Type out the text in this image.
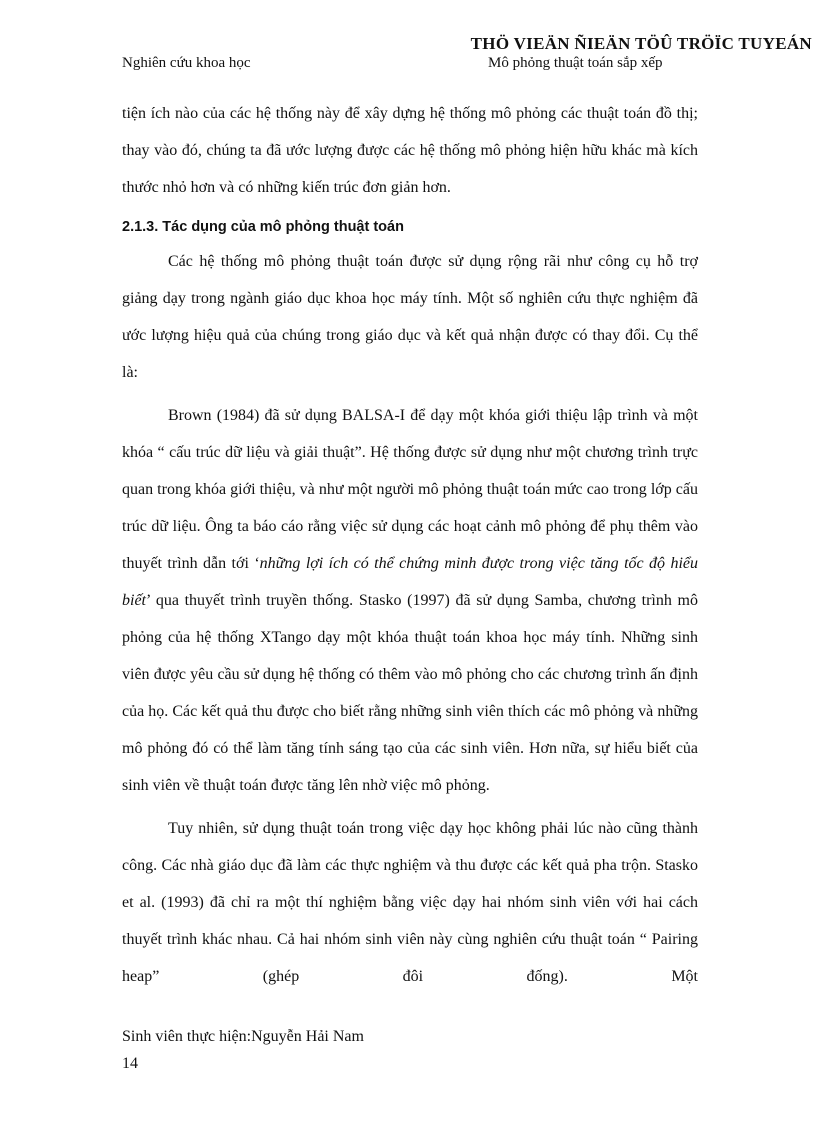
THÖ VIEÄN ÑIEÄN TÖÛ TRÖÏC TUYEÁN
Nghiên cứu khoa học	Mô phỏng thuật toán sắp xếp

tiện ích nào của các hệ thống này để xây dựng hệ thống mô phỏng các thuật toán đồ thị; thay vào đó, chúng ta đã ước lượng được các hệ thống mô phỏng hiện hữu khác mà kích thước nhỏ hơn và có những kiến trúc đơn giản hơn.

2.1.3. Tác dụng của mô phỏng thuật toán

Các hệ thống mô phỏng thuật toán được sử dụng rộng rãi như công cụ hỗ trợ giảng dạy trong ngành giáo dục khoa học máy tính. Một số nghiên cứu thực nghiệm đã ước lượng hiệu quả của chúng trong giáo dục và kết quả nhận được có thay đổi. Cụ thể là:

Brown (1984) đã sử dụng BALSA-I để dạy một khóa giới thiệu lập trình và một khóa “ cấu trúc dữ liệu và giải thuật”. Hệ thống được sử dụng như một chương trình trực quan trong khóa giới thiệu, và như một người mô phỏng thuật toán mức cao trong lớp cấu trúc dữ liệu. Ông ta báo cáo rằng việc sử dụng các hoạt cảnh mô phỏng để phụ thêm vào thuyết trình dẫn tới ‘những lợi ích có thể chứng minh được trong việc tăng tốc độ hiểu biết’ qua thuyết trình truyền thống. Stasko (1997) đã sử dụng Samba, chương trình mô phỏng của hệ thống XTango dạy một khóa thuật toán khoa học máy tính. Những sinh viên được yêu cầu sử dụng hệ thống có thêm vào mô phỏng cho các chương trình ấn định của họ. Các kết quả thu được cho biết rằng những sinh viên thích các mô phỏng và những mô phỏng đó có thể làm tăng tính sáng tạo của các sinh viên. Hơn nữa, sự hiểu biết của sinh viên về thuật toán được tăng lên nhờ việc mô phỏng.

Tuy nhiên, sử dụng thuật toán trong việc dạy học không phải lúc nào cũng thành công. Các nhà giáo dục đã làm các thực nghiệm và thu được các kết quả pha trộn. Stasko et al. (1993) đã chỉ ra một thí nghiệm bằng việc dạy hai nhóm sinh viên với hai cách thuyết trình khác nhau. Cả hai nhóm sinh viên này cùng nghiên cứu thuật toán “ Pairing heap” (ghép đôi đống). Một

Sinh viên thực hiện:Nguyễn Hải Nam
14
